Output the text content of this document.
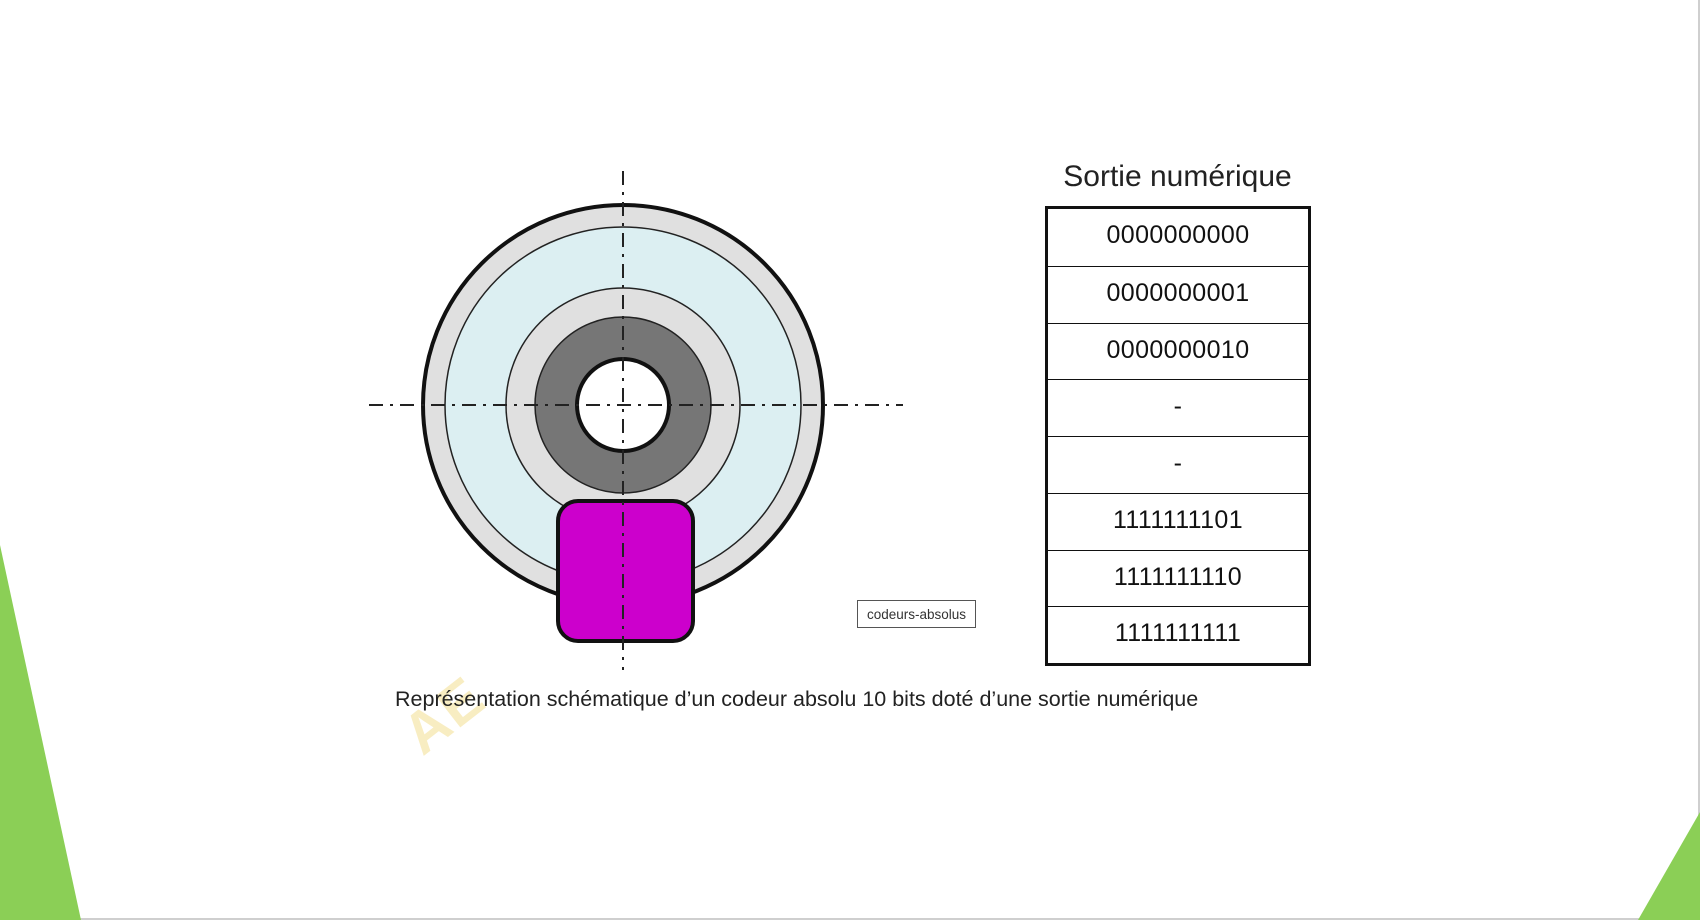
AE
codeurs-absolus
Sortie numérique
0000000000
0000000001
0000000010
-
-
1111111101
1111111110
1111111111
Représentation schématique d’un codeur absolu 10 bits doté d’une sortie numérique
